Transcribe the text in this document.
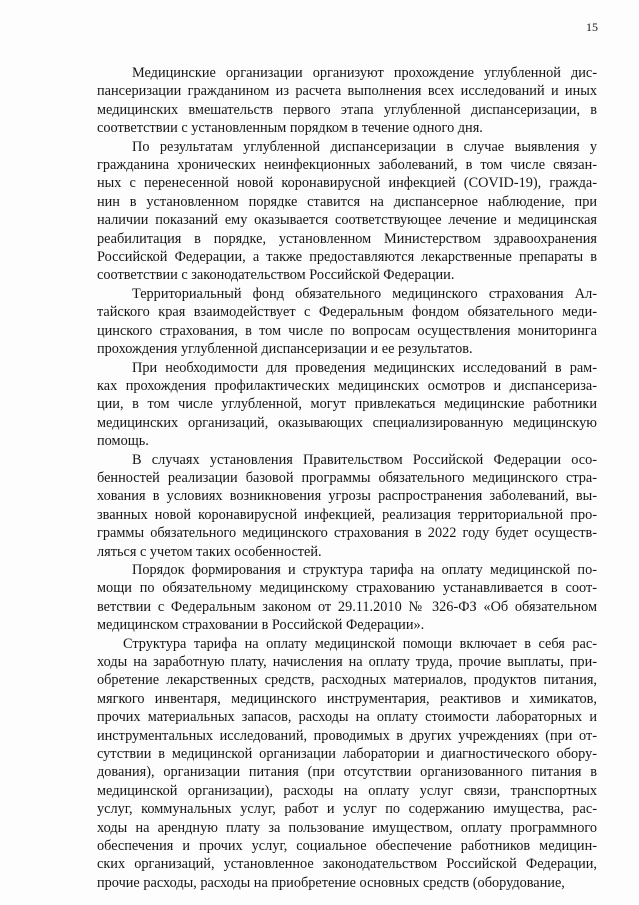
15

Медицинские организации организуют прохождение углубленной дис-
пансеризации гражданином из расчета выполнения всех исследований и иных
медицинских вмешательств первого этапа углубленной диспансеризации, в
соответствии с установленным порядком в течение одного дня.

По результатам углубленной диспансеризации в случае выявления у
гражданина хронических неинфекционных заболеваний, в том числе связан-
ных с перенесенной новой коронавирусной инфекцией (COVID-19), гражда-
нин в установленном порядке ставится на диспансерное наблюдение, при
наличии показаний ему оказывается соответствующее лечение и медицинская
реабилитация в порядке, установленном Министерством здравоохранения
Российской Федерации, а также предоставляются лекарственные препараты в
соответствии с законодательством Российской Федерации.

Территориальный фонд обязательного медицинского страхования Ал-
тайского края взаимодействует с Федеральным фондом обязательного меди-
цинского страхования, в том числе по вопросам осуществления мониторинга
прохождения углубленной диспансеризации и ее результатов.

При необходимости для проведения медицинских исследований в рам-
ках прохождения профилактических медицинских осмотров и диспансериза-
ции, в том числе углубленной, могут привлекаться медицинские работники
медицинских организаций, оказывающих специализированную медицинскую
помощь.

В случаях установления Правительством Российской Федерации осо-
бенностей реализации базовой программы обязательного медицинского стра-
хования в условиях возникновения угрозы распространения заболеваний, вы-
званных новой коронавирусной инфекцией, реализация территориальной про-
граммы обязательного медицинского страхования в 2022 году будет осуществ-
ляться с учетом таких особенностей.

Порядок формирования и структура тарифа на оплату медицинской по-
мощи по обязательному медицинскому страхованию устанавливается в соот-
ветствии с Федеральным законом от 29.11.2010 № 326-ФЗ «Об обязательном
медицинском страховании в Российской Федерации».

Структура тарифа на оплату медицинской помощи включает в себя рас-
ходы на заработную плату, начисления на оплату труда, прочие выплаты, при-
обретение лекарственных средств, расходных материалов, продуктов питания,
мягкого инвентаря, медицинского инструментария, реактивов и химикатов,
прочих материальных запасов, расходы на оплату стоимости лабораторных и
инструментальных исследований, проводимых в других учреждениях (при от-
сутствии в медицинской организации лаборатории и диагностического обору-
дования), организации питания (при отсутствии организованного питания в
медицинской организации), расходы на оплату услуг связи, транспортных
услуг, коммунальных услуг, работ и услуг по содержанию имущества, рас-
ходы на арендную плату за пользование имуществом, оплату программного
обеспечения и прочих услуг, социальное обеспечение работников медицин-
ских организаций, установленное законодательством Российской Федерации,
прочие расходы, расходы на приобретение основных средств (оборудование,
